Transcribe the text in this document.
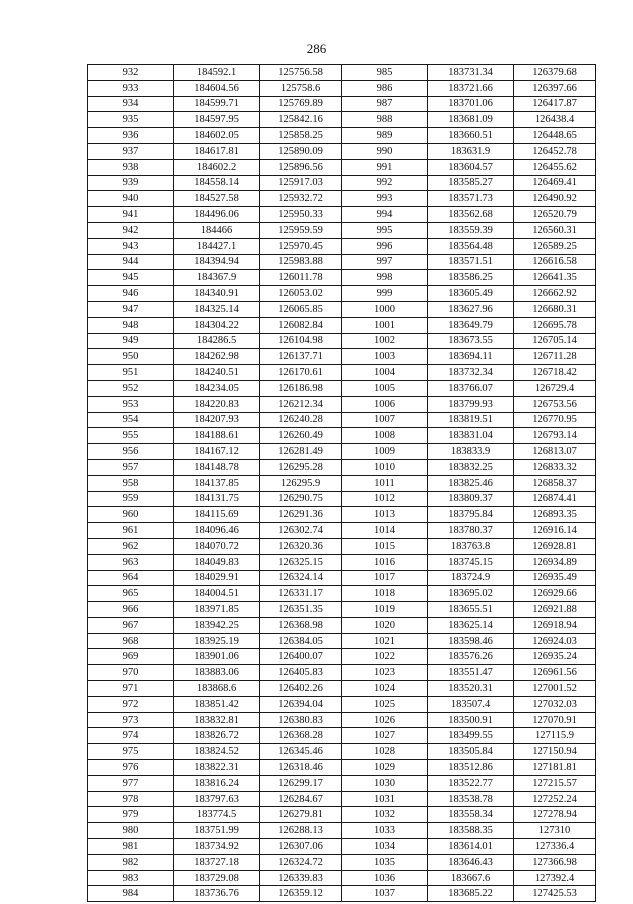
286
932	184592.1	125756.58	985	183731.34	126379.68
933	184604.56	125758.6	986	183721.66	126397.66
934	184599.71	125769.89	987	183701.06	126417.87
935	184597.95	125842.16	988	183681.09	126438.4
936	184602.05	125858.25	989	183660.51	126448.65
937	184617.81	125890.09	990	183631.9	126452.78
938	184602.2	125896.56	991	183604.57	126455.62
939	184558.14	125917.03	992	183585.27	126469.41
940	184527.58	125932.72	993	183571.73	126490.92
941	184496.06	125950.33	994	183562.68	126520.79
942	184466	125959.59	995	183559.39	126560.31
943	184427.1	125970.45	996	183564.48	126589.25
944	184394.94	125983.88	997	183571.51	126616.58
945	184367.9	126011.78	998	183586.25	126641.35
946	184340.91	126053.02	999	183605.49	126662.92
947	184325.14	126065.85	1000	183627.96	126680.31
948	184304.22	126082.84	1001	183649.79	126695.78
949	184286.5	126104.98	1002	183673.55	126705.14
950	184262.98	126137.71	1003	183694.11	126711.28
951	184240.51	126170.61	1004	183732.34	126718.42
952	184234.05	126186.98	1005	183766.07	126729.4
953	184220.83	126212.34	1006	183799.93	126753.56
954	184207.93	126240.28	1007	183819.51	126770.95
955	184188.61	126260.49	1008	183831.04	126793.14
956	184167.12	126281.49	1009	183833.9	126813.07
957	184148.78	126295.28	1010	183832.25	126833.32
958	184137.85	126295.9	1011	183825.46	126858.37
959	184131.75	126290.75	1012	183809.37	126874.41
960	184115.69	126291.36	1013	183795.84	126893.35
961	184096.46	126302.74	1014	183780.37	126916.14
962	184070.72	126320.36	1015	183763.8	126928.81
963	184049.83	126325.15	1016	183745.15	126934.89
964	184029.91	126324.14	1017	183724.9	126935.49
965	184004.51	126331.17	1018	183695.02	126929.66
966	183971.85	126351.35	1019	183655.51	126921.88
967	183942.25	126368.98	1020	183625.14	126918.94
968	183925.19	126384.05	1021	183598.46	126924.03
969	183901.06	126400.07	1022	183576.26	126935.24
970	183883.06	126405.83	1023	183551.47	126961.56
971	183868.6	126402.26	1024	183520.31	127001.52
972	183851.42	126394.04	1025	183507.4	127032.03
973	183832.81	126380.83	1026	183500.91	127070.91
974	183826.72	126368.28	1027	183499.55	127115.9
975	183824.52	126345.46	1028	183505.84	127150.94
976	183822.31	126318.46	1029	183512.86	127181.81
977	183816.24	126299.17	1030	183522.77	127215.57
978	183797.63	126284.67	1031	183538.78	127252.24
979	183774.5	126279.81	1032	183558.34	127278.94
980	183751.99	126288.13	1033	183588.35	127310
981	183734.92	126307.06	1034	183614.01	127336.4
982	183727.18	126324.72	1035	183646.43	127366.98
983	183729.08	126339.83	1036	183667.6	127392.4
984	183736.76	126359.12	1037	183685.22	127425.53
